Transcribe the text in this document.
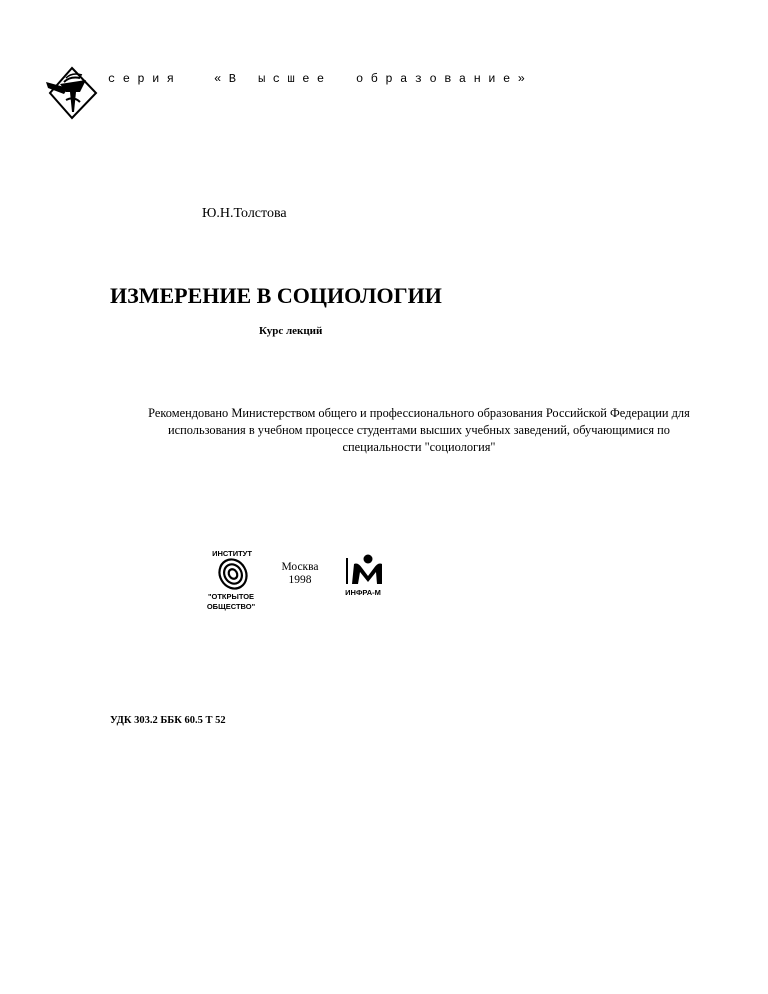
серия	«В ысшее образование»
Ю.Н.Толстова
ИЗМЕРЕНИЕ В СОЦИОЛОГИИ
Курс лекций
Рекомендовано Министерством общего и профессионального образования Российской Федерации для
использования в учебном процессе студентами высших учебных заведений, обучающимися по
специальности "социология"
ИНСТИТУТ
"ОТКРЫТОЕ
ОБЩЕСТВО"
Москва
1998
ИНФРА-М
УДК 303.2 ББК 60.5 Т 52
